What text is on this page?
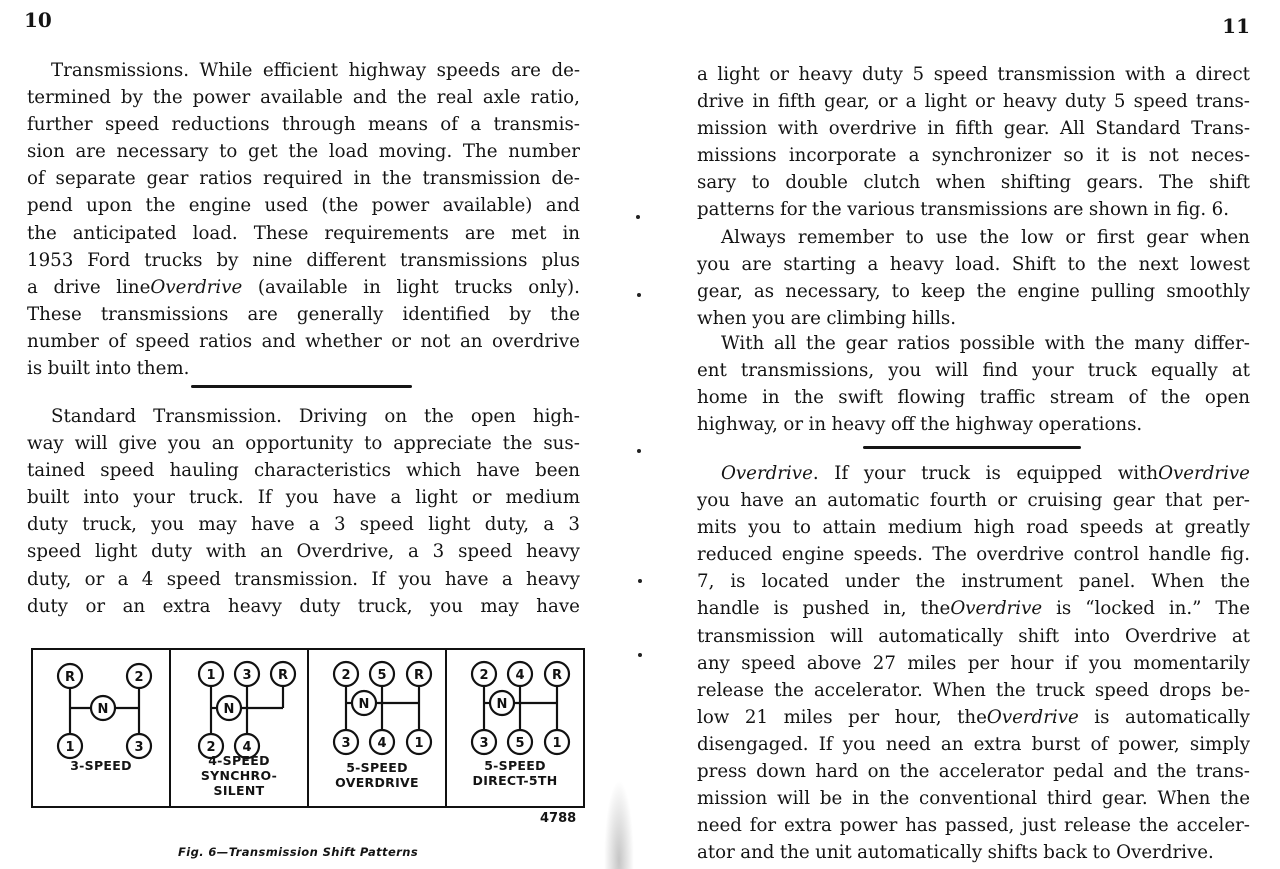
10
Transmissions. While efficient highway speeds are de-
termined by the power available and the real axle ratio,
further speed reductions through means of a transmis-
sion are necessary to get the load moving. The number
of separate gear ratios required in the transmission de-
pend upon the engine used (the power available) and
the anticipated load. These requirements are met in
1953 Ford trucks by nine different transmissions plus
a drive lineOverdrive (available in light trucks only).
These transmissions are generally identified by the
number of speed ratios and whether or not an overdrive
is built into them.
Standard Transmission. Driving on the open high-
way will give you an opportunity to appreciate the sus-
tained speed hauling characteristics which have been
built into your truck. If you have a light or medium
duty truck, you may have a 3 speed light duty, a 3
speed light duty with an Overdrive, a 3 speed heavy
duty, or a 4 speed transmission. If you have a heavy
duty or an extra heavy duty truck, you may have
R	2
N
1	3
3-SPEED
1 3 R
N
2 4
4-SPEED
SYNCHRO-
SILENT
2 5 R
N
3 4 1
5-SPEED
OVERDRIVE
2 4 R
N
3 5 1
5-SPEED
DIRECT-5TH
4788
Fig. 6—Transmission Shift Patterns
11
a light or heavy duty 5 speed transmission with a direct
drive in fifth gear, or a light or heavy duty 5 speed trans-
mission with overdrive in fifth gear. All Standard Trans-
missions incorporate a synchronizer so it is not neces-
sary to double clutch when shifting gears. The shift
patterns for the various transmissions are shown in fig. 6.
Always remember to use the low or first gear when
you are starting a heavy load. Shift to the next lowest
gear, as necessary, to keep the engine pulling smoothly
when you are climbing hills.
With all the gear ratios possible with the many differ-
ent transmissions, you will find your truck equally at
home in the swift flowing traffic stream of the open
highway, or in heavy off the highway operations.
Overdrive. If your truck is equipped withOverdrive
you have an automatic fourth or cruising gear that per-
mits you to attain medium high road speeds at greatly
reduced engine speeds. The overdrive control handle fig.
7, is located under the instrument panel. When the
handle is pushed in, theOverdrive is “locked in.” The
transmission will automatically shift into Overdrive at
any speed above 27 miles per hour if you momentarily
release the accelerator. When the truck speed drops be-
low 21 miles per hour, theOverdrive is automatically
disengaged. If you need an extra burst of power, simply
press down hard on the accelerator pedal and the trans-
mission will be in the conventional third gear. When the
need for extra power has passed, just release the acceler-
ator and the unit automatically shifts back to Overdrive.
